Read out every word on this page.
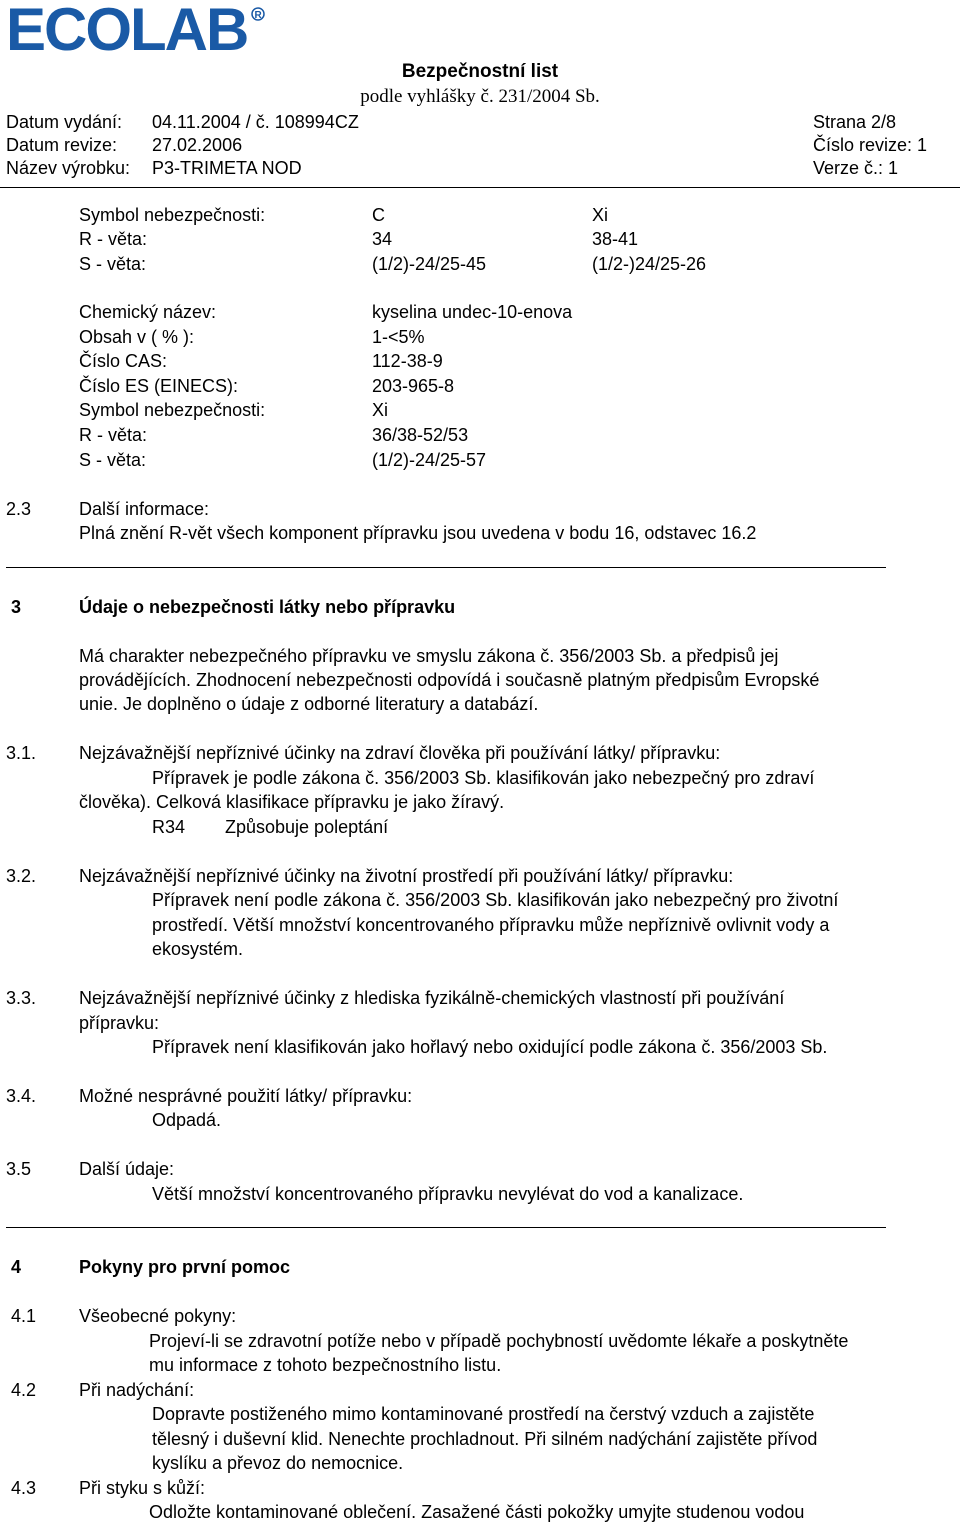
ECOLAB R
Bezpečnostní list
podle vyhlášky č. 231/2004 Sb.
Datum vydání: 04.11.2004 / č. 108994CZ
Datum revize: 27.02.2006
Název výrobku: P3-TRIMETA NOD
Strana 2/8
Číslo revize: 1
Verze č.: 1
Symbol nebezpečnosti:	C	Xi
R - věta:	34	38-41
S - věta:	(1/2)-24/25-45	(1/2-)24/25-26
Chemický název:	kyselina undec-10-enova
Obsah v ( % ):	1-<5%
Číslo CAS:	112-38-9
Číslo ES (EINECS):	203-965-8
Symbol nebezpečnosti:	Xi
R - věta:	36/38-52/53
S - věta:	(1/2)-24/25-57
2.3	Další informace:
Plná znění R-vět všech komponent přípravku jsou uvedena v bodu 16, odstavec 16.2
3	Údaje o nebezpečnosti látky nebo přípravku
Má charakter nebezpečného přípravku ve smyslu zákona č. 356/2003 Sb. a předpisů jej
provádějících. Zhodnocení nebezpečnosti odpovídá i současně platným předpisům Evropské
unie. Je doplněno o údaje z odborné literatury a databází.
3.1. Nejzávažnější nepříznivé účinky na zdraví člověka při používání látky/ přípravku:
Přípravek je podle zákona č. 356/2003 Sb. klasifikován jako nebezpečný pro zdraví
člověka). Celková klasifikace přípravku je jako žíravý.
R34 Způsobuje poleptání
3.2. Nejzávažnější nepříznivé účinky na životní prostředí při používání látky/ přípravku:
Přípravek není podle zákona č. 356/2003 Sb. klasifikován jako nebezpečný pro životní
prostředí. Větší množství koncentrovaného přípravku může nepříznivě ovlivnit vody a
ekosystém.
3.3. Nejzávažnější nepříznivé účinky z hlediska fyzikálně-chemických vlastností při používání
přípravku:
Přípravek není klasifikován jako hořlavý nebo oxidující podle zákona č. 356/2003 Sb.
3.4. Možné nesprávné použití látky/ přípravku:
Odpadá.
3.5	Další údaje:
Větší množství koncentrovaného přípravku nevylévat do vod a kanalizace.
4	Pokyny pro první pomoc
4.1 Všeobecné pokyny:
Projeví-li se zdravotní potíže nebo v případě pochybností uvědomte lékaře a poskytněte
mu informace z tohoto bezpečnostního listu.
4.2 Při nadýchání:
Dopravte postiženého mimo kontaminované prostředí na čerstvý vzduch a zajistěte
tělesný i duševní klid. Nenechte prochladnout. Při silném nadýchání zajistěte přívod
kyslíku a převoz do nemocnice.
4.3 Při styku s kůží:
Odložte kontaminované oblečení. Zasažené části pokožky umyjte studenou vodou
